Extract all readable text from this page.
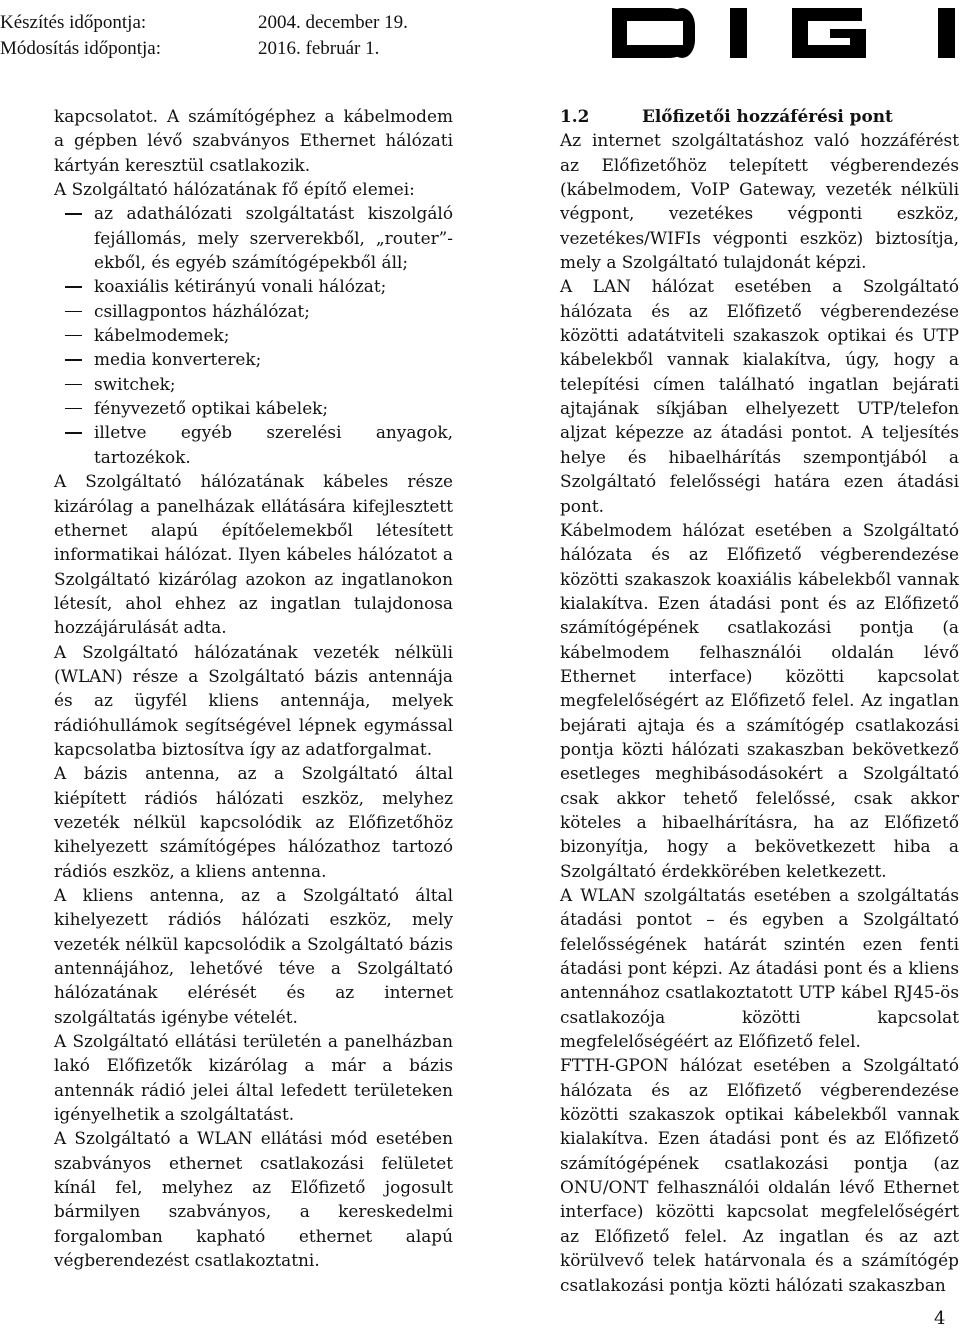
Készítés időpontja:	2004. december 19.
Módosítás időpontja:	2016. február 1.

kapcsolatot. A számítógéphez a kábelmodem a gépben lévő szabványos Ethernet hálózati kártyán keresztül csatlakozik.

A Szolgáltató hálózatának fő építő elemei:

az adathálózati szolgáltatást kiszolgáló fejállomás, mely szerverekből, „router”-ekből, és egyéb számítógépekből áll;
koaxiális kétirányú vonali hálózat;
csillagpontos házhálózat;
kábelmodemek;
media konverterek;
switchek;
fényvezető optikai kábelek;
illetve egyéb szerelési anyagok, tartozékok.

A Szolgáltató hálózatának kábeles része kizárólag a panelházak ellátására kifejlesztett ethernet alapú építőelemekből létesített informatikai hálózat. Ilyen kábeles hálózatot a Szolgáltató kizárólag azokon az ingatlanokon létesít, ahol ehhez az ingatlan tulajdonosa hozzájárulását adta.

A Szolgáltató hálózatának vezeték nélküli (WLAN) része a Szolgáltató bázis antennája és az ügyfél kliens antennája, melyek rádióhullámok segítségével lépnek egymással kapcsolatba biztosítva így az adatforgalmat.

A bázis antenna, az a Szolgáltató által kiépített rádiós hálózati eszköz, melyhez vezeték nélkül kapcsolódik az Előfizetőhöz kihelyezett számítógépes hálózathoz tartozó rádiós eszköz, a kliens antenna.

A kliens antenna, az a Szolgáltató által kihelyezett rádiós hálózati eszköz, mely vezeték nélkül kapcsolódik a Szolgáltató bázis antennájához, lehetővé téve a Szolgáltató hálózatának elérését és az internet szolgáltatás igénybe vételét.

A Szolgáltató ellátási területén a panelházban lakó Előfizetők kizárólag a már a bázis antennák rádió jelei által lefedett területeken igényelhetik a szolgáltatást.

A Szolgáltató a WLAN ellátási mód esetében szabványos ethernet csatlakozási felületet kínál fel, melyhez az Előfizető jogosult bármilyen szabványos, a kereskedelmi forgalomban kapható ethernet alapú végberendezést csatlakoztatni.

1.2	Előfizetői hozzáférési pont

Az internet szolgáltatáshoz való hozzáférést az Előfizetőhöz telepített végberendezés (kábelmodem, VoIP Gateway, vezeték nélküli végpont, vezetékes végponti eszköz, vezetékes/WIFIs végponti eszköz) biztosítja, mely a Szolgáltató tulajdonát képzi.

A LAN hálózat esetében a Szolgáltató hálózata és az Előfizető végberendezése közötti adatátviteli szakaszok optikai és UTP kábelekből vannak kialakítva, úgy, hogy a telepítési címen található ingatlan bejárati ajtajának síkjában elhelyezett UTP/telefon aljzat képezze az átadási pontot. A teljesítés helye és hibaelhárítás szempontjából a Szolgáltató felelősségi határa ezen átadási pont.

Kábelmodem hálózat esetében a Szolgáltató hálózata és az Előfizető végberendezése közötti szakaszok koaxiális kábelekből vannak kialakítva. Ezen átadási pont és az Előfizető számítógépének csatlakozási pontja (a kábelmodem felhasználói oldalán lévő Ethernet interface) közötti kapcsolat megfelelőségért az Előfizető felel. Az ingatlan bejárati ajtaja és a számítógép csatlakozási pontja közti hálózati szakaszban bekövetkező esetleges meghibásodásokért a Szolgáltató csak akkor tehető felelőssé, csak akkor köteles a hibaelhárításra, ha az Előfizető bizonyítja, hogy a bekövetkezett hiba a Szolgáltató érdekkörében keletkezett.

A WLAN szolgáltatás esetében a szolgáltatás átadási pontot – és egyben a Szolgáltató felelősségének határát szintén ezen fenti átadási pont képzi. Az átadási pont és a kliens antennához csatlakoztatott UTP kábel RJ45-ös csatlakozója közötti kapcsolat megfelelőségéért az Előfizető felel.

FTTH-GPON hálózat esetében a Szolgáltató hálózata és az Előfizető végberendezése közötti szakaszok optikai kábelekből vannak kialakítva. Ezen átadási pont és az Előfizető számítógépének csatlakozási pontja (az ONU/ONT felhasználói oldalán lévő Ethernet interface) közötti kapcsolat megfelelőségért az Előfizető felel. Az ingatlan és az azt körülvevő telek határvonala és a számítógép csatlakozási pontja közti hálózati szakaszban

4
